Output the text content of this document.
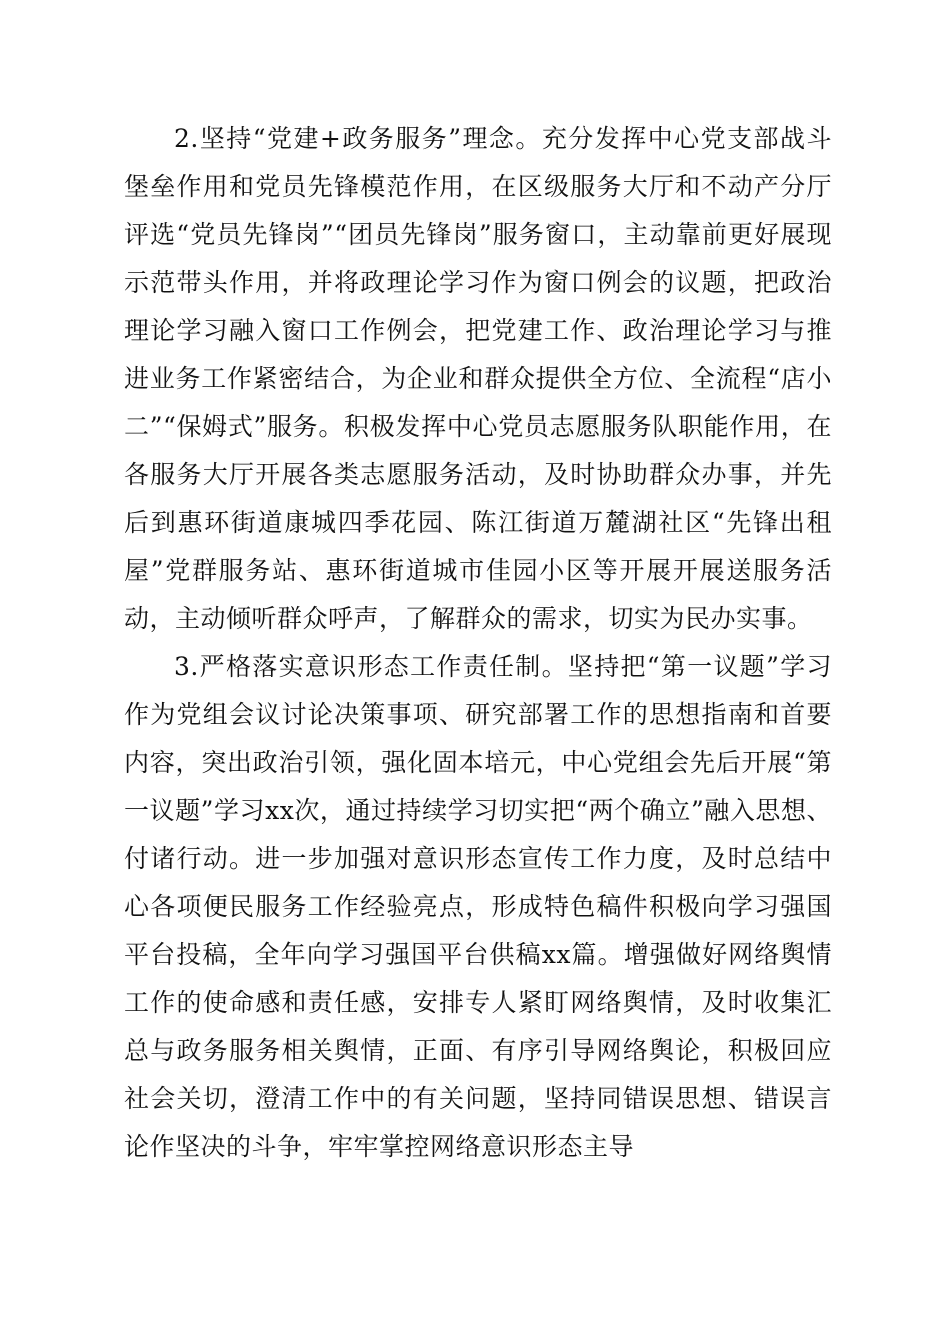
2.坚持“党建+政务服务”理念。充分发挥中心党支部战斗堡垒作用和党员先锋模范作用，在区级服务大厅和不动产分厅评选“党员先锋岗”“团员先锋岗”服务窗口，主动靠前更好展现示范带头作用，并将政理论学习作为窗口例会的议题，把政治理论学习融入窗口工作例会，把党建工作、政治理论学习与推进业务工作紧密结合，为企业和群众提供全方位、全流程“店小二”“保姆式”服务。积极发挥中心党员志愿服务队职能作用，在各服务大厅开展各类志愿服务活动，及时协助群众办事，并先后到惠环街道康城四季花园、陈江街道万麓湖社区“先锋出租屋”党群服务站、惠环街道城市佳园小区等开展开展送服务活动，主动倾听群众呼声，了解群众的需求，切实为民办实事。

3.严格落实意识形态工作责任制。坚持把“第一议题”学习作为党组会议讨论决策事项、研究部署工作的思想指南和首要内容，突出政治引领，强化固本培元，中心党组会先后开展“第一议题”学习xx次，通过持续学习切实把“两个确立”融入思想、付诸行动。进一步加强对意识形态宣传工作力度，及时总结中心各项便民服务工作经验亮点，形成特色稿件积极向学习强国平台投稿，全年向学习强国平台供稿xx篇。增强做好网络舆情工作的使命感和责任感，安排专人紧盯网络舆情，及时收集汇总与政务服务相关舆情，正面、有序引导网络舆论，积极回应社会关切，澄清工作中的有关问题，坚持同错误思想、错误言论作坚决的斗争，牢牢掌控网络意识形态主导
